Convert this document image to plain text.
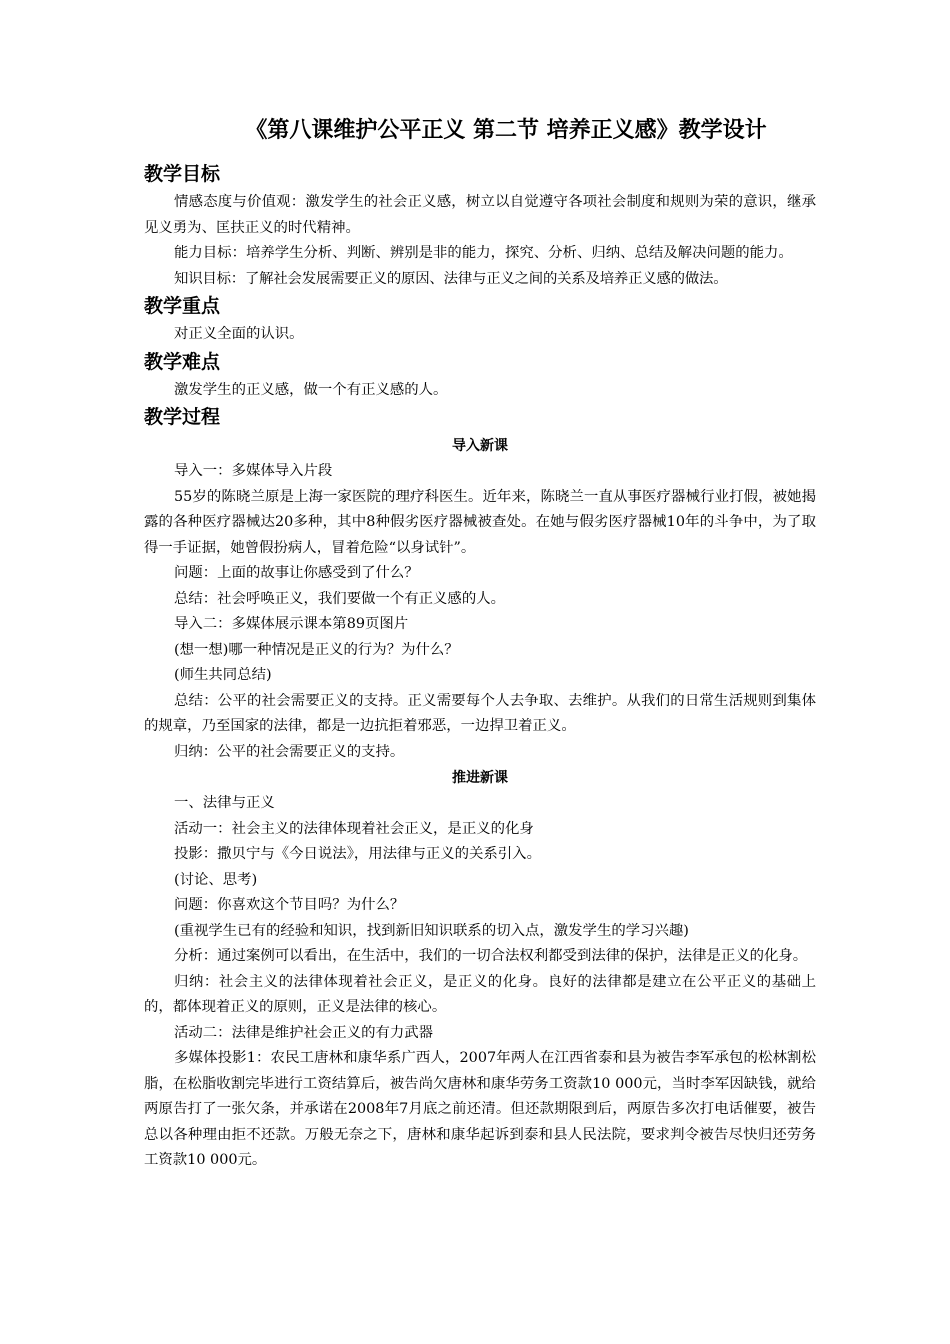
《第八课维护公平正义 第二节 培养正义感》教学设计
教学目标

情感态度与价值观：激发学生的社会正义感，树立以自觉遵守各项社会制度和规则为荣的意识，继承见义勇为、匡扶正义的时代精神。

能力目标：培养学生分析、判断、辨别是非的能力，探究、分析、归纳、总结及解决问题的能力。

知识目标：了解社会发展需要正义的原因、法律与正义之间的关系及培养正义感的做法。

教学重点

对正义全面的认识。

教学难点

激发学生的正义感，做一个有正义感的人。

教学过程
导入新课

导入一：多媒体导入片段

55岁的陈晓兰原是上海一家医院的理疗科医生。近年来，陈晓兰一直从事医疗器械行业打假，被她揭露的各种医疗器械达20多种，其中8种假劣医疗器械被查处。在她与假劣医疗器械10年的斗争中，为了取得一手证据，她曾假扮病人，冒着危险“以身试针”。

问题：上面的故事让你感受到了什么？

总结：社会呼唤正义，我们要做一个有正义感的人。

导入二：多媒体展示课本第89页图片

(想一想)哪一种情况是正义的行为？为什么？

(师生共同总结)

总结：公平的社会需要正义的支持。正义需要每个人去争取、去维护。从我们的日常生活规则到集体的规章，乃至国家的法律，都是一边抗拒着邪恶，一边捍卫着正义。

归纳：公平的社会需要正义的支持。

推进新课

一、法律与正义

活动一：社会主义的法律体现着社会正义，是正义的化身

投影：撒贝宁与《今日说法》，用法律与正义的关系引入。

(讨论、思考)

问题：你喜欢这个节目吗？为什么？

(重视学生已有的经验和知识，找到新旧知识联系的切入点，激发学生的学习兴趣)

分析：通过案例可以看出，在生活中，我们的一切合法权利都受到法律的保护，法律是正义的化身。

归纳：社会主义的法律体现着社会正义，是正义的化身。良好的法律都是建立在公平正义的基础上的，都体现着正义的原则，正义是法律的核心。

活动二：法律是维护社会正义的有力武器

多媒体投影1：农民工唐林和康华系广西人，2007年两人在江西省泰和县为被告李军承包的松林割松脂，在松脂收割完毕进行工资结算后，被告尚欠唐林和康华劳务工资款10 000元，当时李军因缺钱，就给两原告打了一张欠条，并承诺在2008年7月底之前还清。但还款期限到后，两原告多次打电话催要，被告总以各种理由拒不还款。万般无奈之下，唐林和康华起诉到泰和县人民法院，要求判令被告尽快归还劳务工资款10 000元。
